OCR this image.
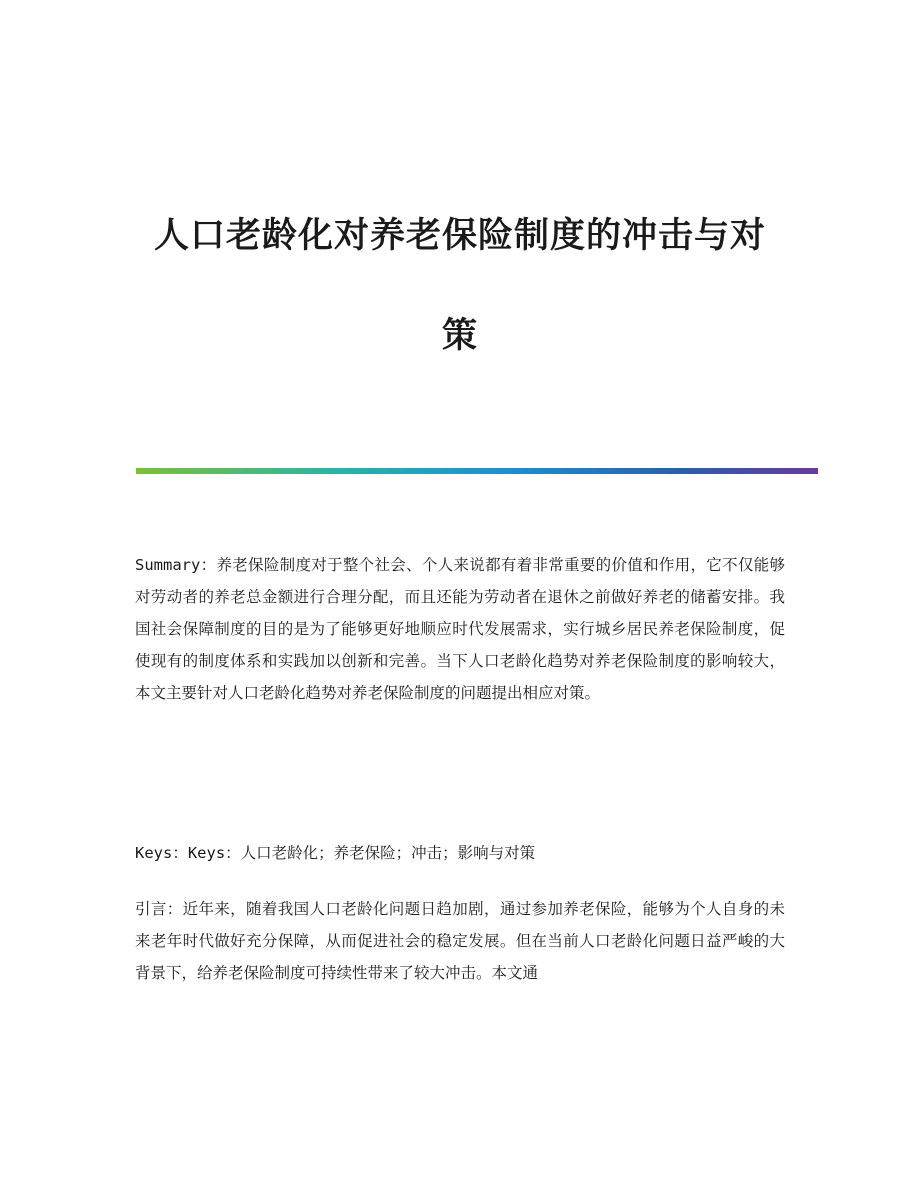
人口老龄化对养老保险制度的冲击与对
策

Summary：养老保险制度对于整个社会、个人来说都有着非常重要的价值和作用，它不仅能够对劳动者的养老总金额进行合理分配，而且还能为劳动者在退休之前做好养老的储蓄安排。我国社会保障制度的目的是为了能够更好地顺应时代发展需求，实行城乡居民养老保险制度，促使现有的制度体系和实践加以创新和完善。当下人口老龄化趋势对养老保险制度的影响较大，本文主要针对人口老龄化趋势对养老保险制度的问题提出相应对策。

Keys：Keys：人口老龄化；养老保险；冲击；影响与对策

引言：近年来，随着我国人口老龄化问题日趋加剧，通过参加养老保险，能够为个人自身的未来老年时代做好充分保障，从而促进社会的稳定发展。但在当前人口老龄化问题日益严峻的大背景下，给养老保险制度可持续性带来了较大冲击。本文通
